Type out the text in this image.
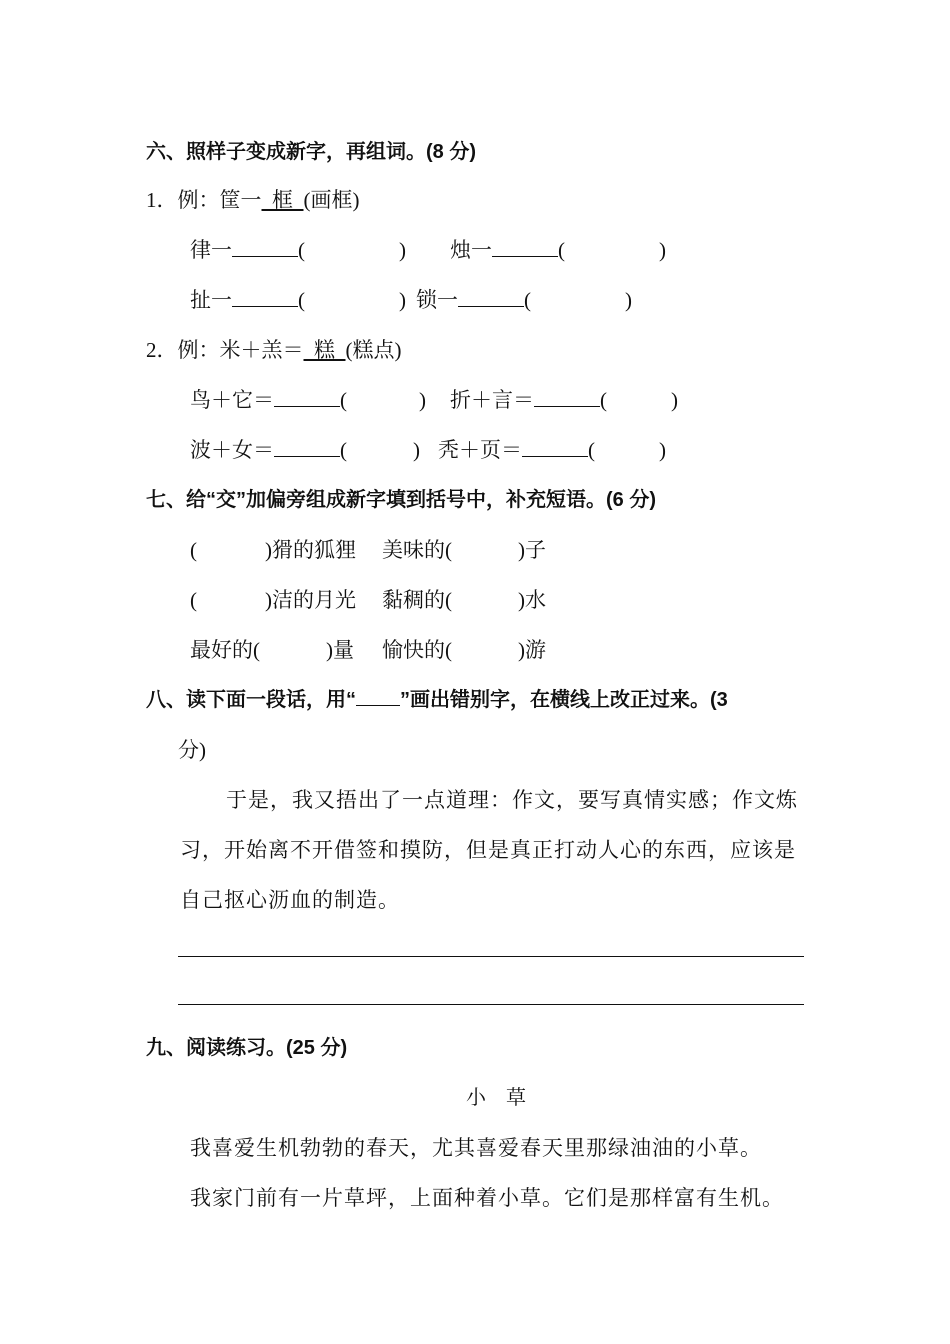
六、照样子变成新字，再组词。(8 分)
1．例：筐一 框 (画框)
律一	(	) 烛一	(	)
扯一	(	) 锁一	(	)
2．例：米＋羔＝ 糕 (糕点)
鸟＋它＝	(	) 折＋言＝	(	)
波＋女＝	(	) 秃＋页＝	(	)
七、给“交”加偏旁组成新字填到括号中，补充短语。(6 分)
(	)猾的狐狸 美味的(	)子
(	)洁的月光 黏稠的(	)水
最好的(	)量 愉快的(	)游
八、读下面一段话，用“ ”画出错别字，在横线上改正过来。(3
分)
于是，我又捂出了一点道理：作文，要写真情实感；作文炼
习，开始离不开借签和摸防，但是真正打动人心的东西，应该是
自己抠心沥血的制造。
九、阅读练习。(25 分)
小　草
我喜爱生机勃勃的春天，尤其喜爱春天里那绿油油的小草。
我家门前有一片草坪，上面种着小草。它们是那样富有生机。
